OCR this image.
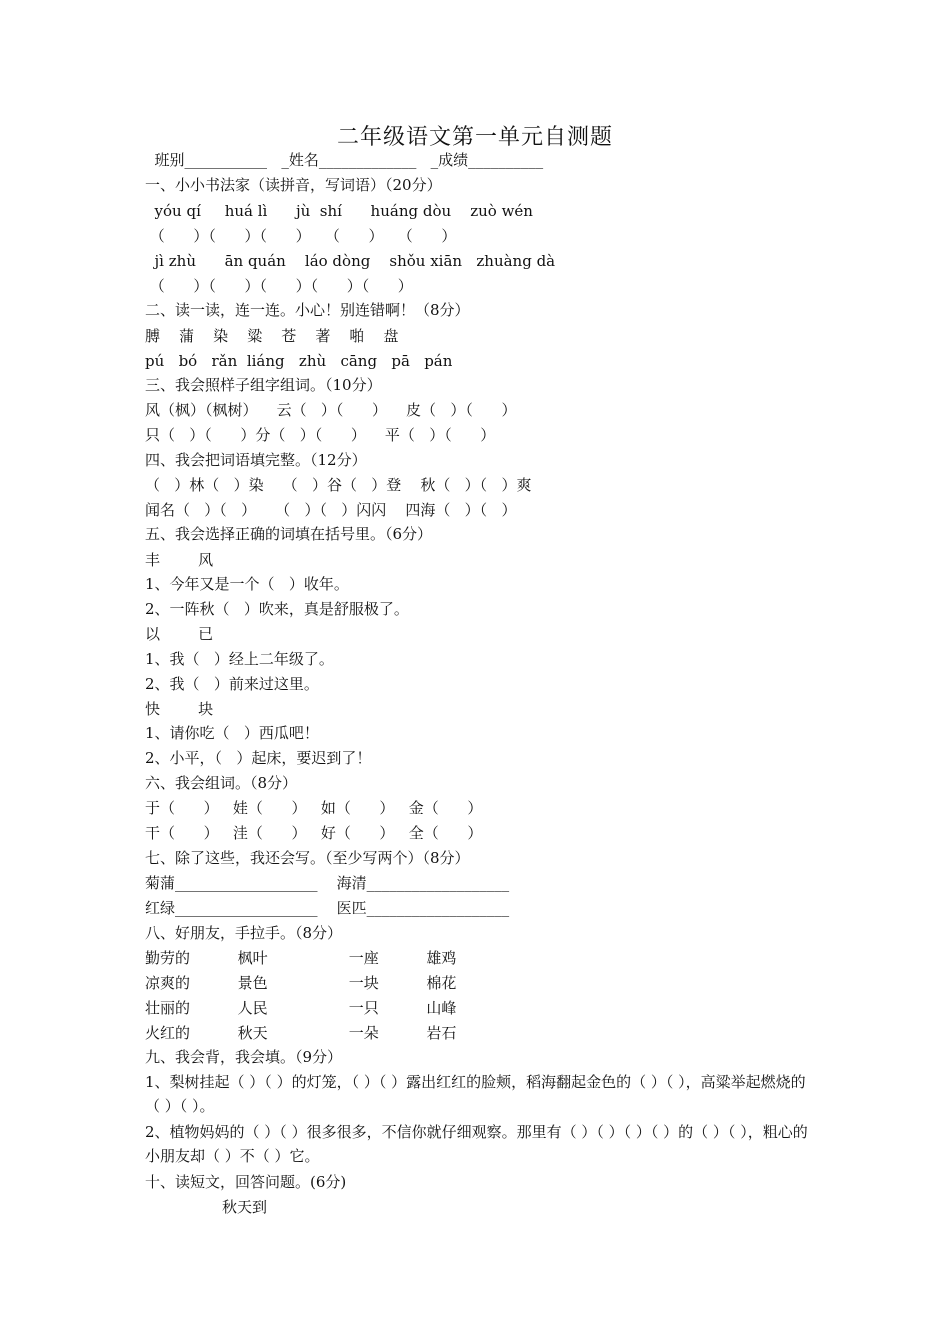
二年级语文第一单元自测题
班别___________   _姓名_____________   _成绩__________
一、小小书法家（读拼音，写词语）（20分）
yóu qí     huá lì      jù  shí      huáng dòu    zuò wén
（      ）（      ）（      ）   （      ）   （      ）
jì zhù      ān quán    láo dòng    shǒu xiān   zhuàng dà
（      ）（      ）（      ）（      ）（      ）
二、读一读，连一连。小心！别连错啊！（8分）
膊    蒲    染    粱    苍    著    啪    盘
pú   bó   rǎn  liáng   zhù   cāng   pā   pán
三、我会照样子组字组词。（10分）
风（枫）（枫树）    云（   ）（      ）    皮（   ）（      ）
只（   ）（      ）分（   ）（      ）    平（   ）（      ）
四、我会把词语填完整。（12分）
（   ）林（   ）染    （   ）谷（   ）登    秋（   ）（   ）爽
闻名（   ）（   ）    （   ）（   ）闪闪    四海（   ）（   ）
五、我会选择正确的词填在括号里。（6分）
丰        风
1、今年又是一个（   ）收年。
2、一阵秋（   ）吹来，真是舒服极了。
以        已
1、我（   ）经上二年级了。
2、我（   ）前来过这里。
快        块
1、请你吃（   ）西瓜吧！
2、小平，（   ）起床，要迟到了！
六、我会组词。（8分）
于（      ）   娃（      ）   如（      ）   金（      ）
干（      ）   洼（      ）   好（      ）   全（      ）
七、除了这些，我还会写。（至少写两个）（8分）
菊蒲___________________    海清___________________
红绿___________________    医匹___________________
八、好朋友，手拉手。（8分）
勤劳的          枫叶                 一座          雄鸡
凉爽的          景色                 一块          棉花
壮丽的          人民                 一只          山峰
火红的          秋天                 一朵          岩石
九、我会背，我会填。（9分）
1、梨树挂起（ ）（ ）的灯笼，（ ）（ ）露出红红的脸颊，稻海翻起金色的（ ）（ ），高粱举起燃烧的（ ）（ ）。
2、植物妈妈的（ ）（ ）很多很多，不信你就仔细观察。那里有（ ）（ ）（ ）（ ）的（ ）（ ），粗心的小朋友却（ ）不（ ）它。
十、读短文，回答问题。(6分)
秋天到
